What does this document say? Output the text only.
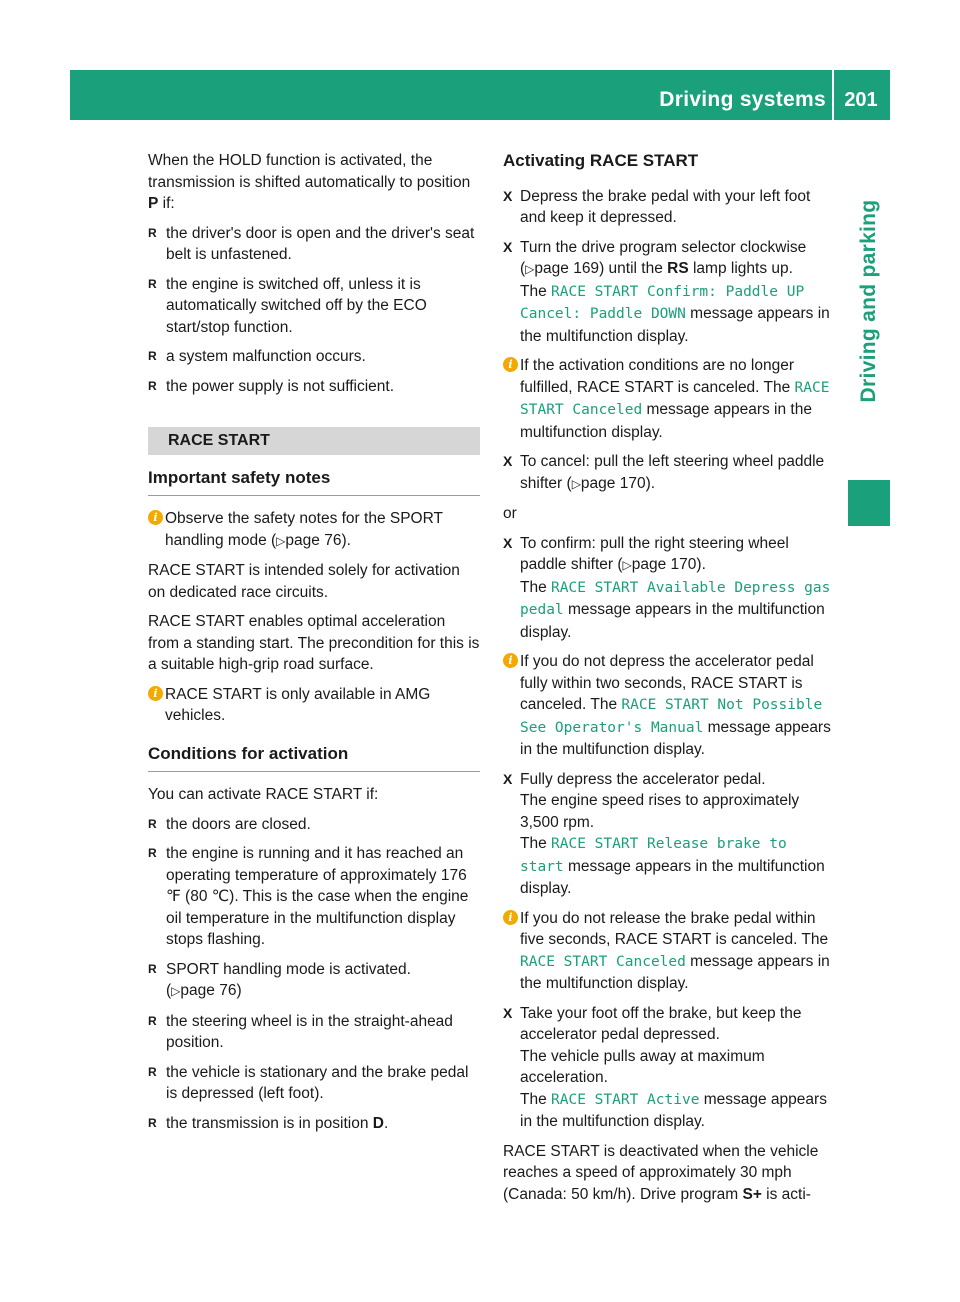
Driving systems 201
Driving and parking

When the HOLD function is activated, the transmission is shifted automatically to position P if:

R the driver's door is open and the driver's seat belt is unfastened.
R the engine is switched off, unless it is automatically switched off by the ECO start/stop function.
R a system malfunction occurs.
R the power supply is not sufficient.
RACE START
Important safety notes
i Observe the safety notes for the SPORT handling mode (▷page 76).

RACE START is intended solely for activation on dedicated race circuits.

RACE START enables optimal acceleration from a standing start. The precondition for this is a suitable high-grip road surface.

i RACE START is only available in AMG vehicles.
Conditions for activation

You can activate RACE START if:

R the doors are closed.
R the engine is running and it has reached an operating temperature of approximately 176 ℉ (80 ℃). This is the case when the engine oil temperature in the multifunction display stops flashing.
R SPORT handling mode is activated.
(▷page 76)
R the steering wheel is in the straight-ahead position.
R the vehicle is stationary and the brake pedal is depressed (left foot).
R the transmission is in position D.
Activating RACE START
X Depress the brake pedal with your left foot and keep it depressed.
X Turn the drive program selector clockwise (▷page 169) until the RS lamp lights up.
The RACE START Confirm: Paddle UP Cancel: Paddle DOWN message appears in the multifunction display.
i If the activation conditions are no longer fulfilled, RACE START is canceled. The RACE START Canceled message appears in the multifunction display.
X To cancel: pull the left steering wheel paddle shifter (▷page 170).

or

X To confirm: pull the right steering wheel paddle shifter (▷page 170).
The RACE START Available Depress gas pedal message appears in the multifunction display.
i If you do not depress the accelerator pedal fully within two seconds, RACE START is canceled. The RACE START Not Possible See Operator's Manual message appears in the multifunction display.
X Fully depress the accelerator pedal.
The engine speed rises to approximately 3,500 rpm.
The RACE START Release brake to start message appears in the multifunction display.
i If you do not release the brake pedal within five seconds, RACE START is canceled. The RACE START Canceled message appears in the multifunction display.
X Take your foot off the brake, but keep the accelerator pedal depressed.
The vehicle pulls away at maximum acceleration.
The RACE START Active message appears in the multifunction display.

RACE START is deactivated when the vehicle reaches a speed of approximately 30 mph (Canada: 50 km/h). Drive program S+ is acti-
